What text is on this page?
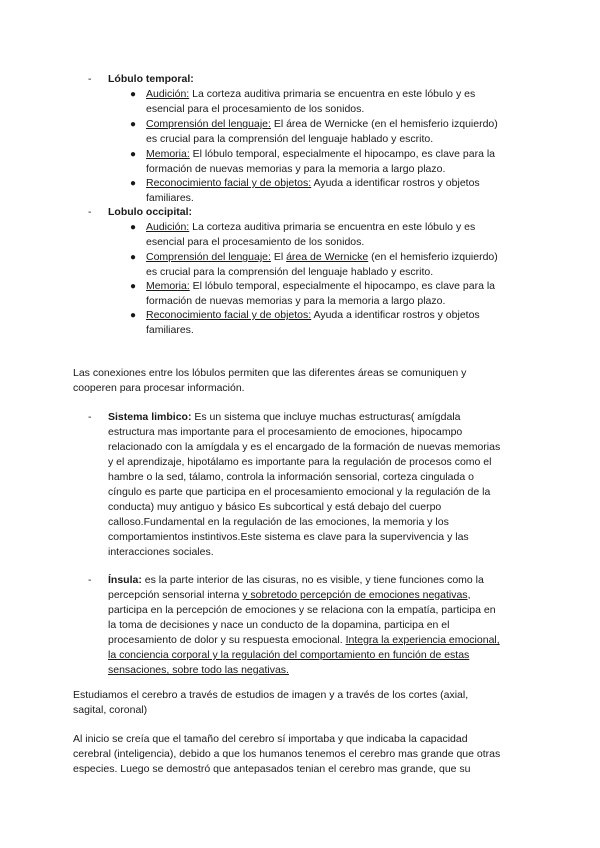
- Lóbulo temporal:
● Audición: La corteza auditiva primaria se encuentra en este lóbulo y es
esencial para el procesamiento de los sonidos.
● Comprensión del lenguaje: El área de Wernicke (en el hemisferio izquierdo)
es crucial para la comprensión del lenguaje hablado y escrito.
● Memoria: El lóbulo temporal, especialmente el hipocampo, es clave para la
formación de nuevas memorias y para la memoria a largo plazo.
● Reconocimiento facial y de objetos: Ayuda a identificar rostros y objetos
familiares.
- Lobulo occipital:
● Audición: La corteza auditiva primaria se encuentra en este lóbulo y es
esencial para el procesamiento de los sonidos.
● Comprensión del lenguaje: El área de Wernicke (en el hemisferio izquierdo)
es crucial para la comprensión del lenguaje hablado y escrito.
● Memoria: El lóbulo temporal, especialmente el hipocampo, es clave para la
formación de nuevas memorias y para la memoria a largo plazo.
● Reconocimiento facial y de objetos: Ayuda a identificar rostros y objetos
familiares.
Las conexiones entre los lóbulos permiten que las diferentes áreas se comuniquen y
cooperen para procesar información.
- Sistema limbico: Es un sistema que incluye muchas estructuras( amígdala
estructura mas importante para el procesamiento de emociones, hipocampo
relacionado con la amígdala y es el encargado de la formación de nuevas memorias
y el aprendizaje, hipotálamo es importante para la regulación de procesos como el
hambre o la sed, tálamo, controla la información sensorial, corteza cingulada o
cíngulo es parte que participa en el procesamiento emocional y la regulación de la
conducta) muy antiguo y básico Es subcortical y está debajo del cuerpo
calloso.Fundamental en la regulación de las emociones, la memoria y los
comportamientos instintivos.Este sistema es clave para la supervivencia y las
interacciones sociales.
- Ínsula: es la parte interior de las cisuras, no es visible, y tiene funciones como la
percepción sensorial interna y sobretodo percepción de emociones negativas,
participa en la percepción de emociones y se relaciona con la empatía, participa en
la toma de decisiones y nace un conducto de la dopamina, participa en el
procesamiento de dolor y su respuesta emocional. Integra la experiencia emocional,
la conciencia corporal y la regulación del comportamiento en función de estas
sensaciones, sobre todo las negativas.
Estudiamos el cerebro a través de estudios de imagen y a través de los cortes (axial,
sagital, coronal)
Al inicio se creía que el tamaño del cerebro sí importaba y que indicaba la capacidad
cerebral (inteligencia), debido a que los humanos tenemos el cerebro mas grande que otras
especies. Luego se demostró que antepasados tenian el cerebro mas grande, que su
